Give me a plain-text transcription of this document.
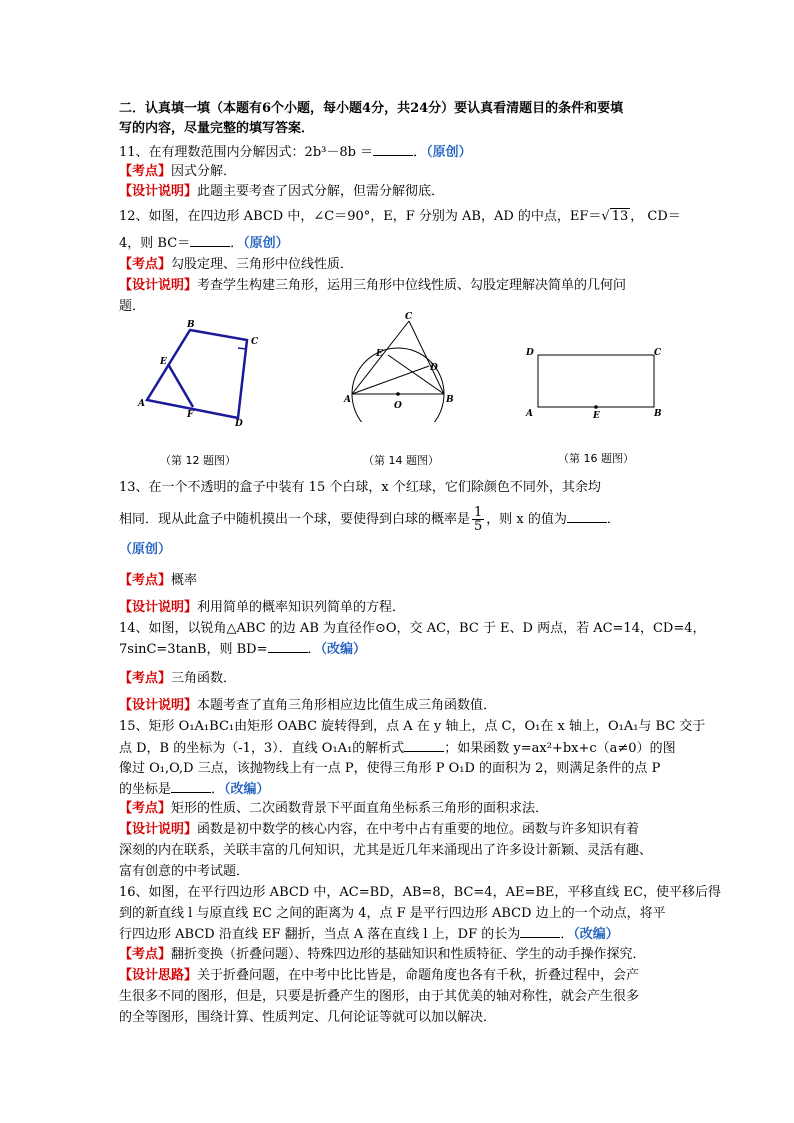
二．认真填一填（本题有6个小题，每小题4分，共24分）要认真看清题目的条件和要填
写的内容，尽量完整的填写答案．
11、在有理数范围内分解因式：2b³－8b ＝	．（原创）
【考点】因式分解．
【设计说明】此题主要考查了因式分解，但需分解彻底．
12、如图，在四边形 ABCD 中，∠C＝90°，E，F 分别为 AB，AD 的中点，EF＝√ 13 ， CD＝
4，则 BC＝	．（原创）
【考点】勾股定理、三角形中位线性质．
【设计说明】考查学生构建三角形，运用三角形中位线性质、勾股定理解决简单的几何问
题．
B
C
E
A
F
D
（第 12 题图）
C
E
D
A
O
B
（第 14 题图）
D	C
A	E	B
（第 16 题图）
13、在一个不透明的盒子中装有 15 个白球，x 个红球，它们除颜色不同外，其余均
相同．现从此盒子中随机摸出一个球，要使得到白球的概率是 $\frac{1}{5}$ ，则 x 的值为	．
（原创）
【考点】概率
【设计说明】利用简单的概率知识列简单的方程．
14、如图，以锐角△ABC 的边 AB 为直径作⊙O，交 AC，BC 于 E、D 两点，若 AC=14，CD=4，
7sinC=3tanB，则 BD=	．（改编）
【考点】三角函数．
【设计说明】本题考查了直角三角形相应边比值生成三角函数值．
15、矩形 O₁A₁BC₁由矩形 OABC 旋转得到，点 A 在 y 轴上，点 C，O₁在 x 轴上，O₁A₁与 BC 交于
点 D，B 的坐标为（-1，3）．直线 O₁A₁的解析式	；如果函数 y=ax²+bx+c（a≠0）的图
像过 O₁,O,D 三点，该抛物线上有一点 P，使得三角形 P O₁D 的面积为 2，则满足条件的点 P
的坐标是	．（改编）
【考点】矩形的性质、二次函数背景下平面直角坐标系三角形的面积求法．
【设计说明】函数是初中数学的核心内容，在中考中占有重要的地位。函数与许多知识有着
深刻的内在联系，关联丰富的几何知识，尤其是近几年来涌现出了许多设计新颖、灵活有趣、
富有创意的中考试题．
16、如图，在平行四边形 ABCD 中，AC=BD，AB=8，BC=4，AE=BE，平移直线 EC，使平移后得
到的新直线 l 与原直线 EC 之间的距离为 4，点 F 是平行四边形 ABCD 边上的一个动点，将平
行四边形 ABCD 沿直线 EF 翻折，当点 A 落在直线 l 上，DF 的长为	．（改编）
【考点】翻折变换（折叠问题）、特殊四边形的基础知识和性质特征、学生的动手操作探究．
【设计思路】关于折叠问题，在中考中比比皆是，命题角度也各有千秋，折叠过程中，会产
生很多不同的图形，但是，只要是折叠产生的图形，由于其优美的轴对称性，就会产生很多
的全等图形，围绕计算、性质判定、几何论证等就可以加以解决．
